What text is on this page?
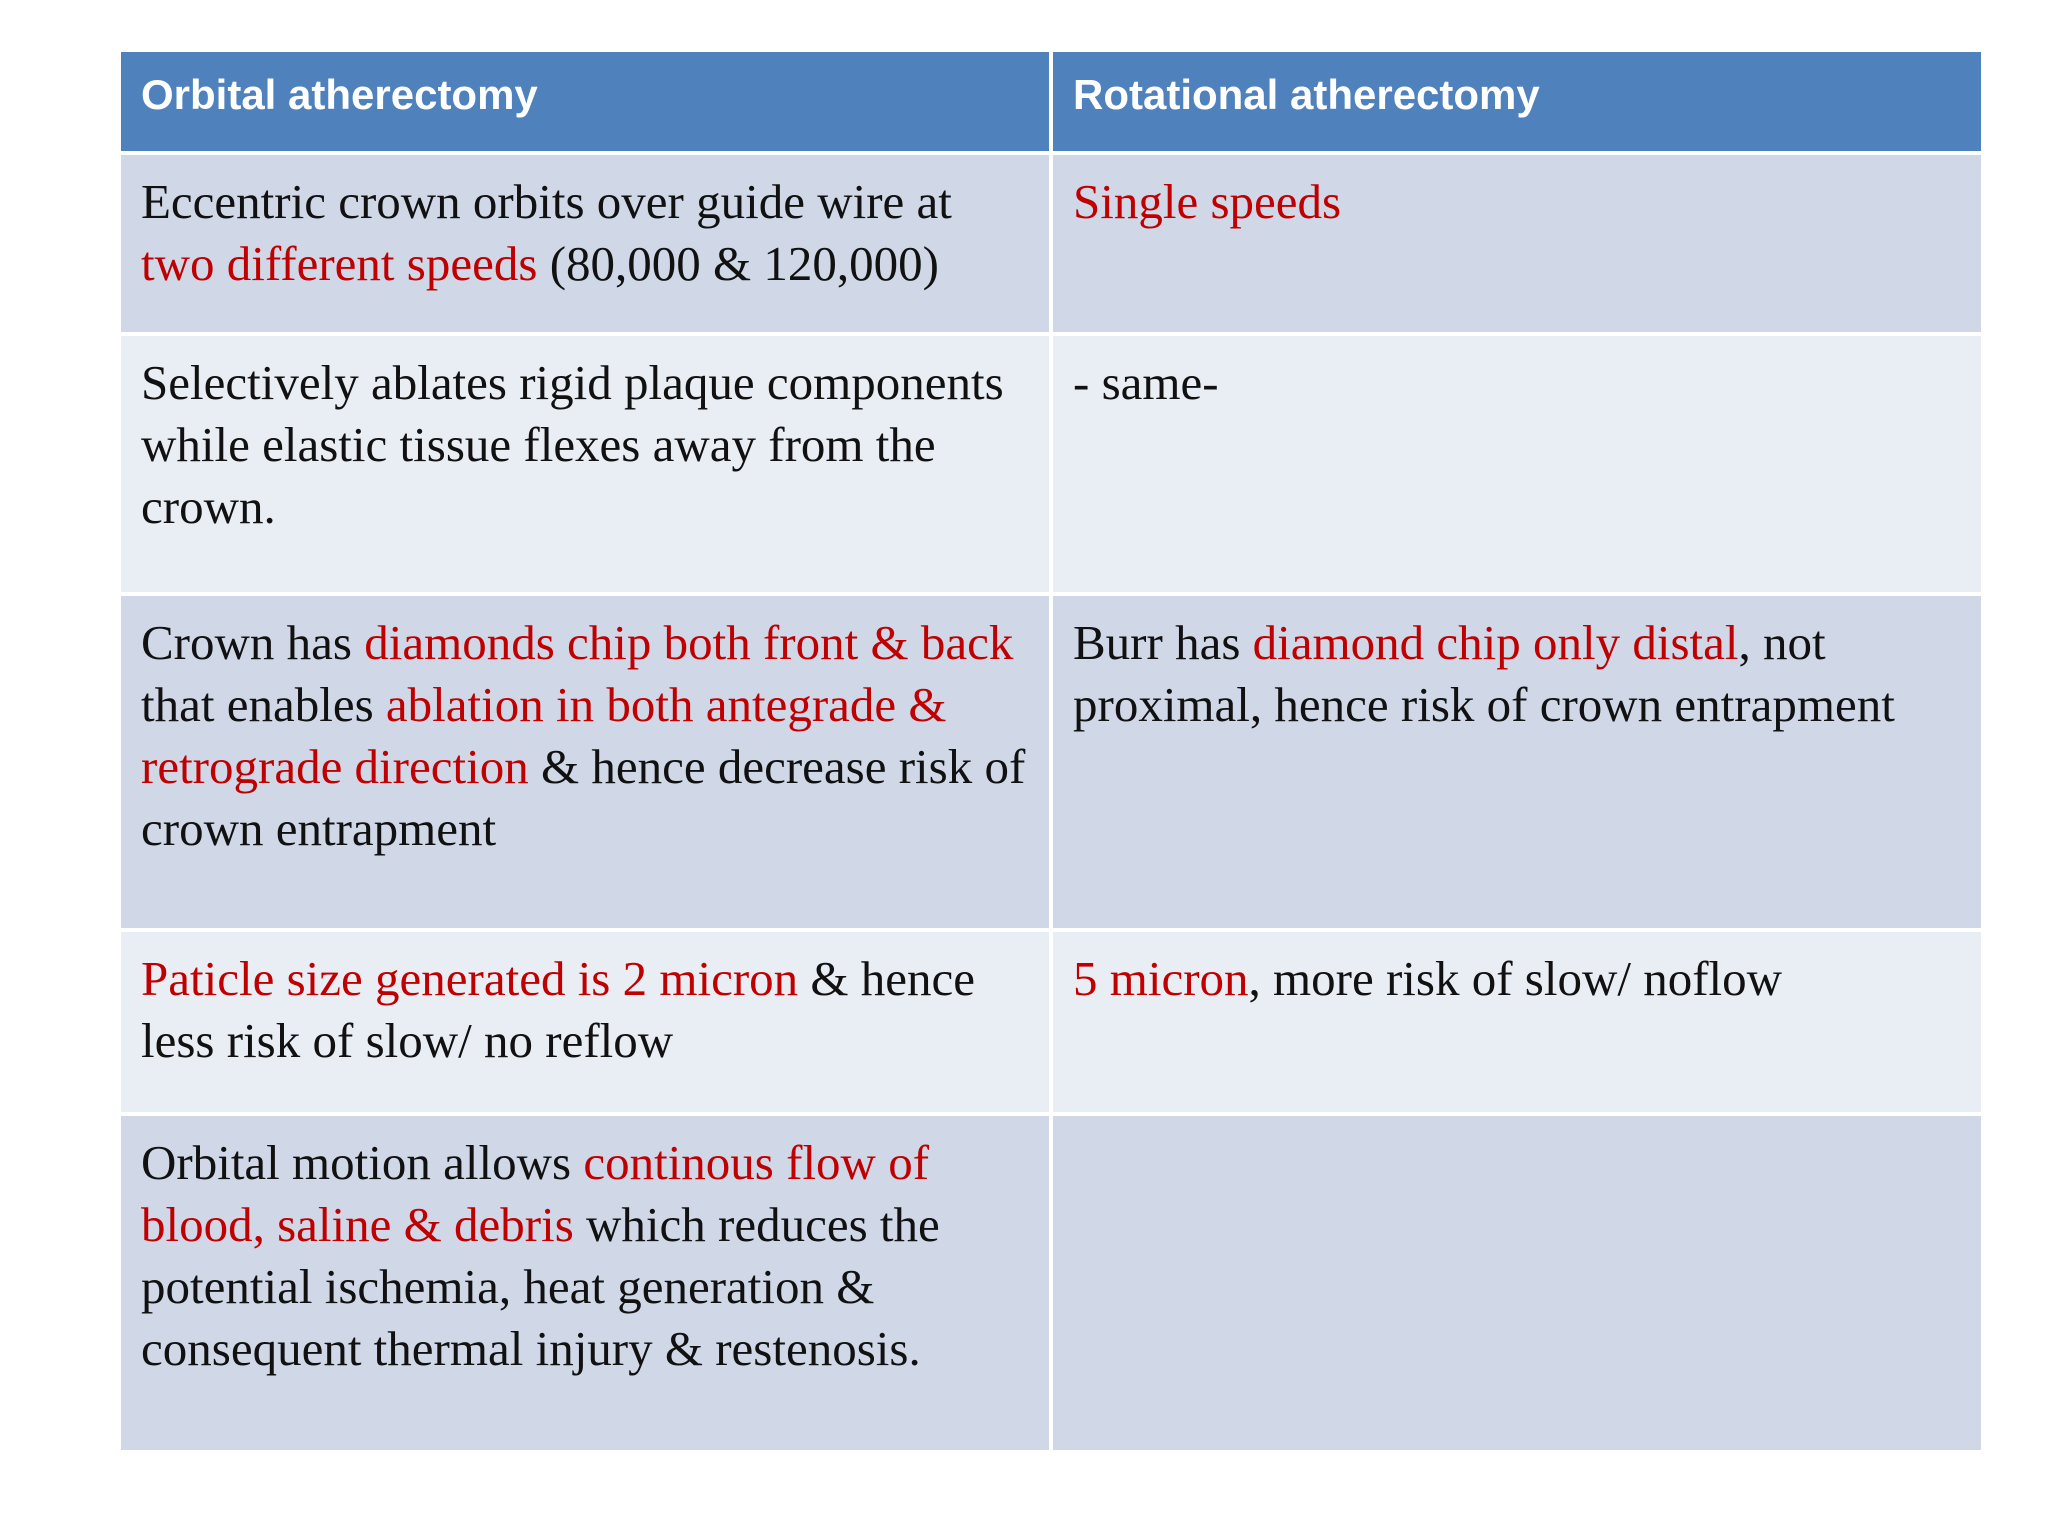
Orbital atherectomy	Rotational atherectomy
Eccentric crown orbits over guide wire at two different speeds (80,000 & 120,000)
Single speeds
Selectively ablates rigid plaque components while elastic tissue flexes away from the crown.
- same-
Crown has diamonds chip both front & back that enables ablation in both antegrade & retrograde direction & hence decrease risk of crown entrapment
Burr has diamond chip only distal, not proximal, hence risk of crown entrapment
Paticle size generated is 2 micron & hence less risk of slow/ no reflow
5 micron, more risk of slow/ noflow
Orbital motion allows continous flow of blood, saline & debris which reduces the potential ischemia, heat generation & consequent thermal injury & restenosis.
